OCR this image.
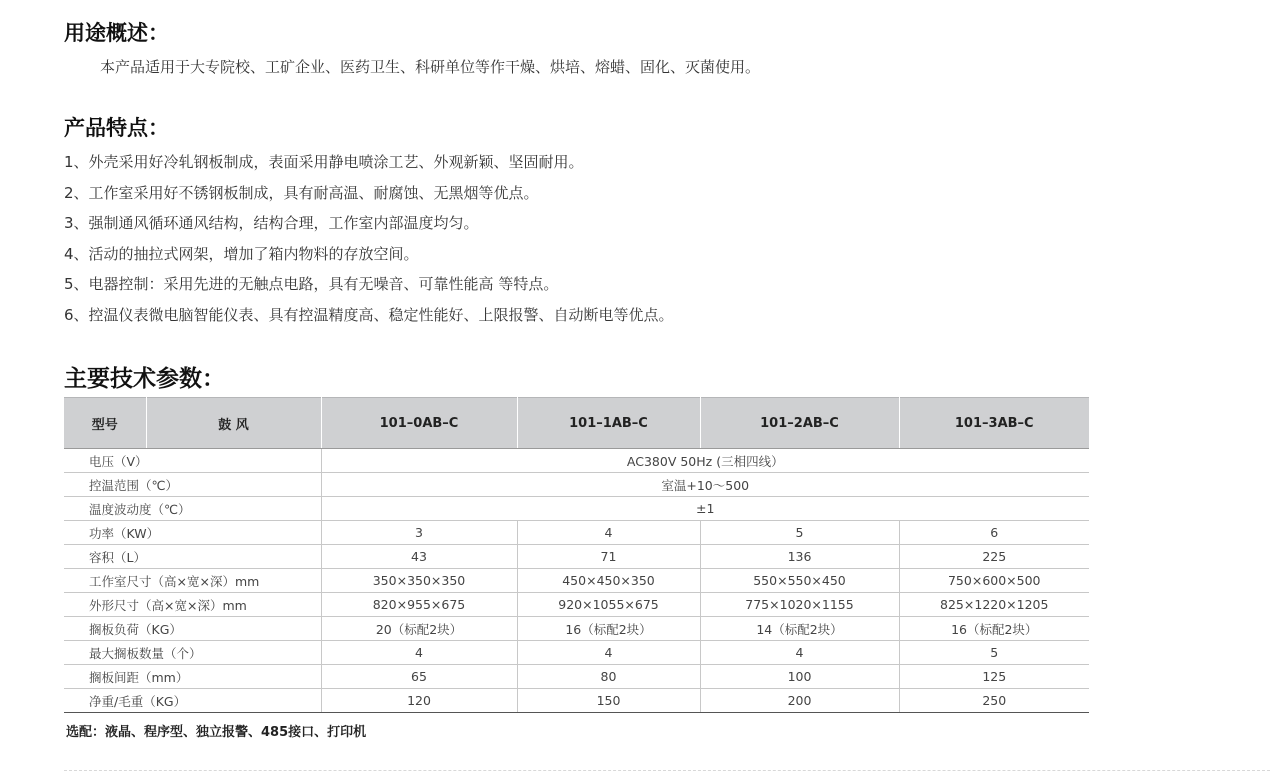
用途概述：
本产品适用于大专院校、工矿企业、医药卫生、科研单位等作干燥、烘培、熔蜡、固化、灭菌使用。
产品特点：
1、外壳采用好冷轧钢板制成，表面采用静电喷涂工艺、外观新颖、坚固耐用。
2、工作室采用好不锈钢板制成，具有耐高温、耐腐蚀、无黑烟等优点。
3、强制通风循环通风结构，结构合理，工作室内部温度均匀。
4、活动的抽拉式网架，增加了箱内物料的存放空间。
5、电器控制：采用先进的无触点电路，具有无噪音、可靠性能高 等特点。
6、控温仪表微电脑智能仪表、具有控温精度高、稳定性能好、上限报警、自动断电等优点。
主要技术参数：
型号	鼓 风	101–0AB–C	101–1AB–C	101–2AB–C	101–3AB–C
电压（V）		AC380V 50Hz (三相四线）			
控温范围（℃）		室温+10～500			
温度波动度（℃）		±1			
功率（KW）		3	4	5	6
容积（L）		43	71	136	225
工作室尺寸（高×宽×深）mm		350×350×350	450×450×350	550×550×450	750×600×500
外形尺寸（高×宽×深）mm		820×955×675	920×1055×675	775×1020×1155	825×1220×1205
搁板负荷（KG）		20（标配2块）	16（标配2块）	14（标配2块）	16（标配2块）
最大搁板数量（个）		4	4	4	5
搁板间距（mm）		65	80	100	125
净重/毛重（KG）		120	150	200	250
选配：液晶、程序型、独立报警、485接口、打印机
